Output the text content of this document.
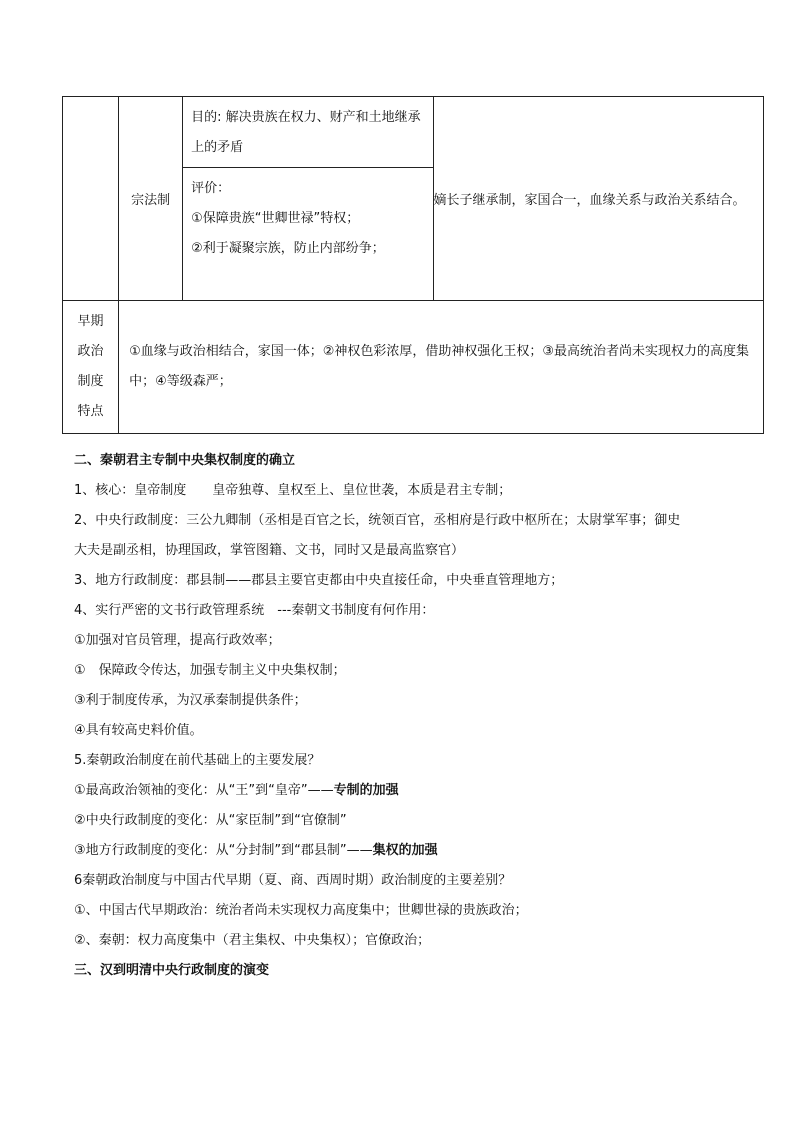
	宗法制	目的: 解决贵族在权力、财产和土地继承上的矛盾	嫡长子继承制，家国合一，血缘关系与政治关系结合。

		评价：
①保障贵族“世卿世禄”特权；
②利于凝聚宗族，防止内部纷争；	

早期
政治
制度
特点	①血缘与政治相结合，家国一体；②神权色彩浓厚，借助神权强化王权；③最高统治者尚未实现权力的高度集中；④等级森严；		
二、秦朝君主专制中央集权制度的确立
1、核心：皇帝制度　　皇帝独尊、皇权至上、皇位世袭，本质是君主专制；
2、中央行政制度：三公九卿制（丞相是百官之长，统领百官，丞相府是行政中枢所在；太尉掌军事；御史
大夫是副丞相，协理国政，掌管图籍、文书，同时又是最高监察官）
3、地方行政制度：郡县制——郡县主要官吏都由中央直接任命，中央垂直管理地方；
4、实行严密的文书行政管理系统　---秦朝文书制度有何作用：
①加强对官员管理，提高行政效率；
①　保障政令传达，加强专制主义中央集权制；
③利于制度传承，为汉承秦制提供条件；
④具有较高史料价值。
5.秦朝政治制度在前代基础上的主要发展？
①最高政治领袖的变化：从“王”到“皇帝”——专制的加强
②中央行政制度的变化：从“家臣制”到“官僚制”
③地方行政制度的变化：从“分封制”到“郡县制”——集权的加强
6秦朝政治制度与中国古代早期（夏、商、西周时期）政治制度的主要差别？
①、中国古代早期政治：统治者尚未实现权力高度集中；世卿世禄的贵族政治；
②、秦朝：权力高度集中（君主集权、中央集权）；官僚政治；
三、汉到明清中央行政制度的演变
